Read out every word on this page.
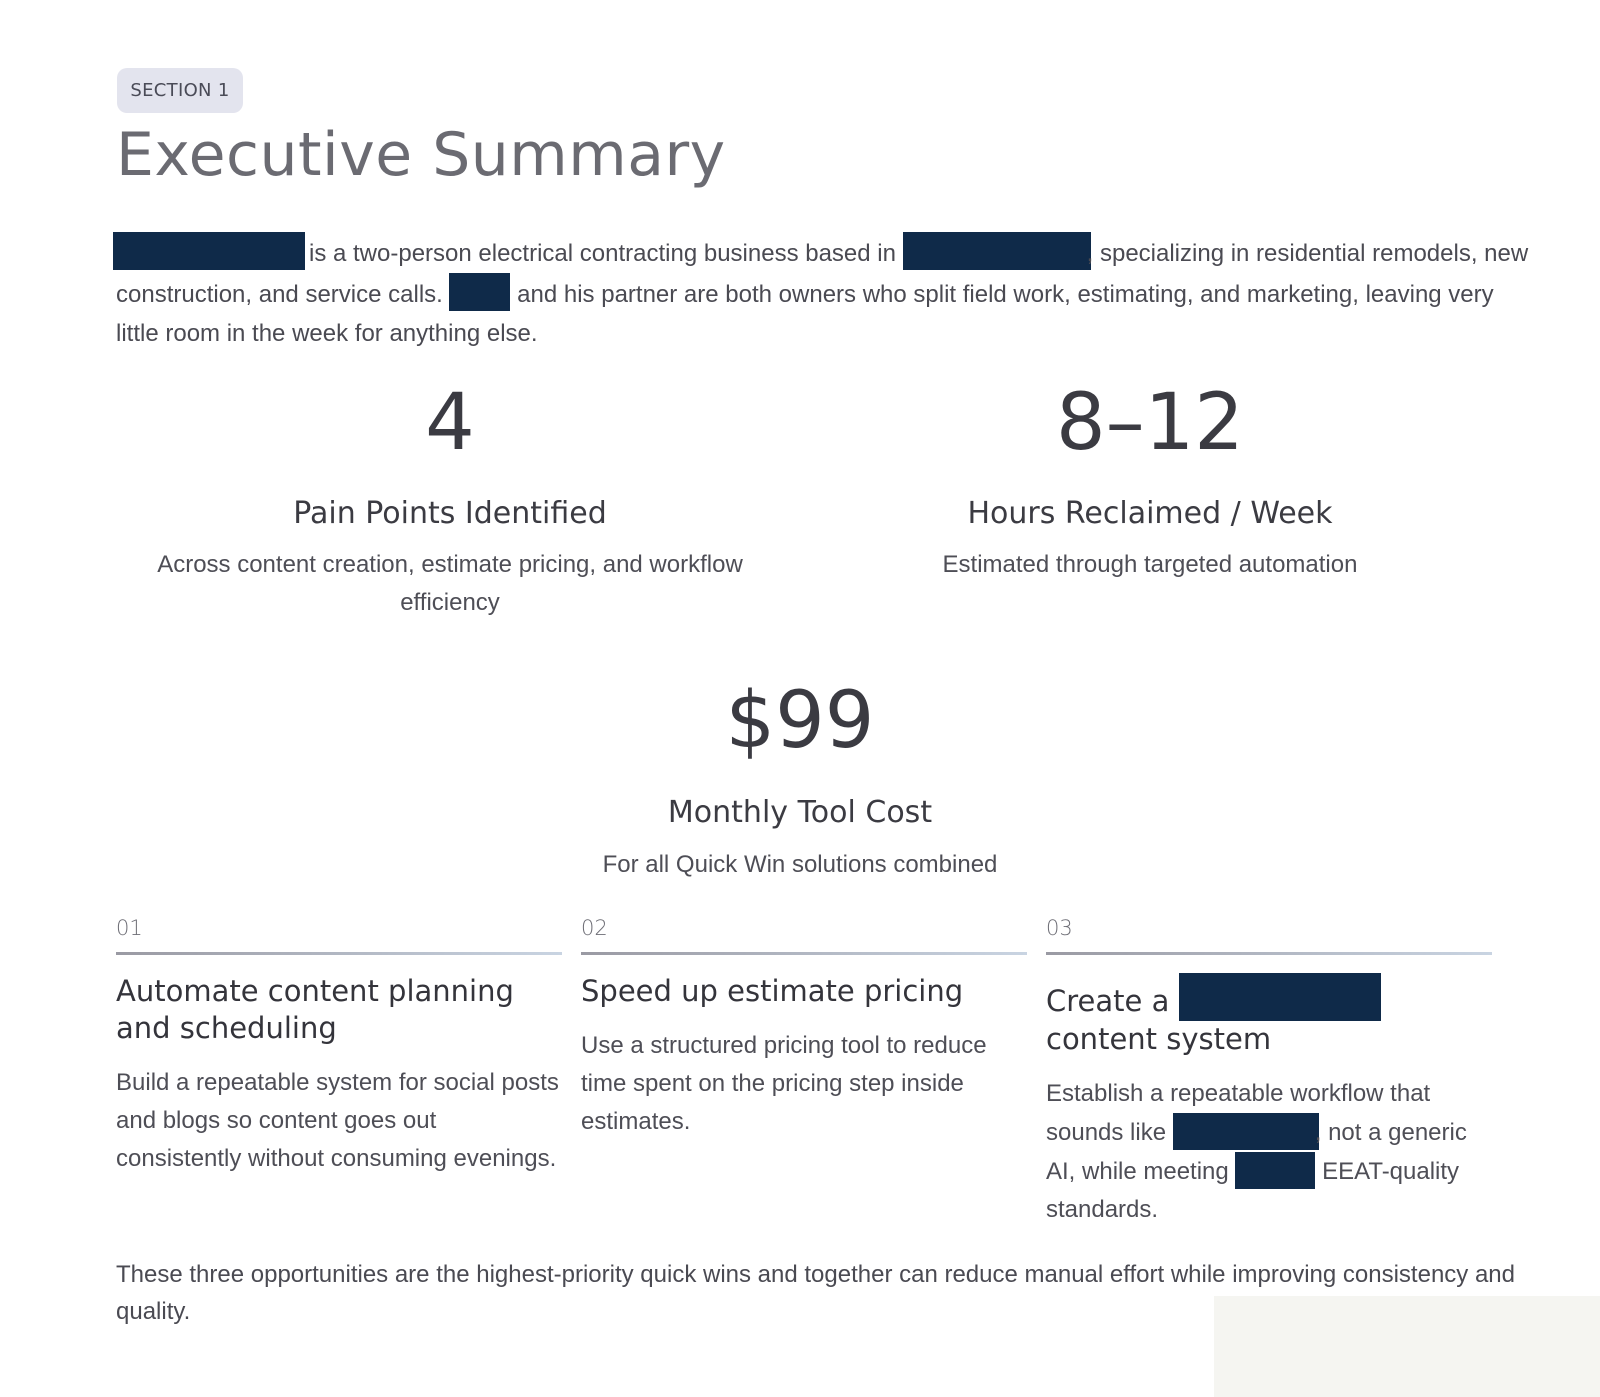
SECTION 1
Executive Summary

is a two-person electrical contracting business based in	, specializing in residential remodels, new construction, and service calls.	and his partner are both owners who split field work, estimating, and marketing, leaving very little room in the week for anything else.

4
Pain Points Identified
Across content creation, estimate pricing, and workflow efficiency
8–12
Hours Reclaimed / Week
Estimated through targeted automation
$99
Monthly Tool Cost
For all Quick Win solutions combined
01
Automate content planning and scheduling
Build a repeatable system for social posts and blogs so content goes out consistently without consuming evenings.
02
Speed up estimate pricing
Use a structured pricing tool to reduce time spent on the pricing step inside estimates.
03
Create a  content system
Establish a repeatable workflow that sounds like	, not a generic AI, while meeting	EEAT-quality standards.

These three opportunities are the highest-priority quick wins and together can reduce manual effort while improving consistency and quality.
